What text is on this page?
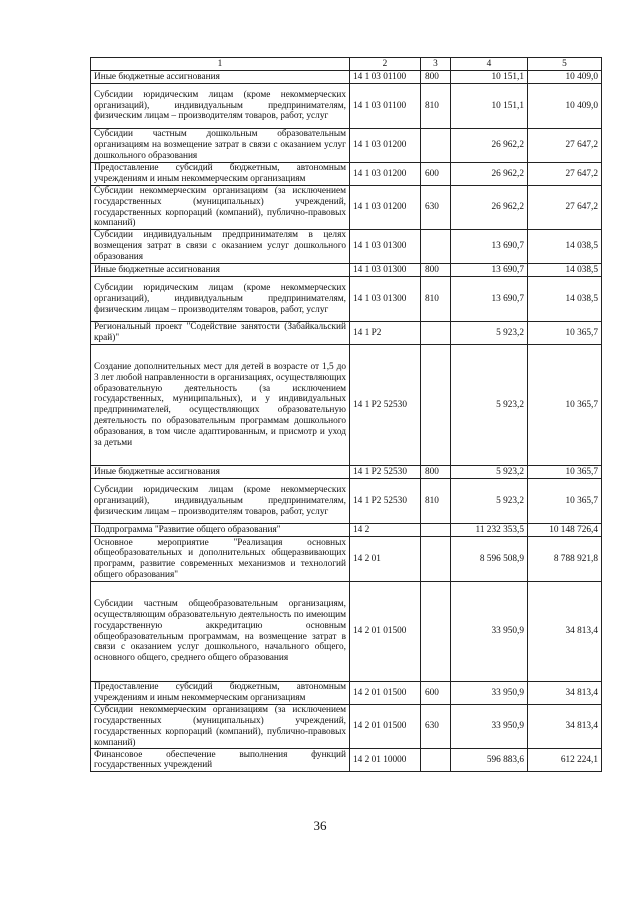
1	2	3	4	5
Иные бюджетные ассигнования	14 1 03 01100	800	10 151,1	10 409,0
Субсидии юридическим лицам (кроме некоммерческих организаций), индивидуальным предпринимателям, физическим лицам – производителям товаров, работ, услуг	14 1 03 01100	810	10 151,1	10 409,0
Субсидии частным дошкольным образовательным организациям на возмещение затрат в связи с оказанием услуг дошкольного образования	14 1 03 01200		26 962,2	27 647,2
Предоставление субсидий бюджетным, автономным учреждениям и иным некоммерческим организациям	14 1 03 01200	600	26 962,2	27 647,2
Субсидии некоммерческим организациям (за исключением государственных (муниципальных) учреждений, государственных корпораций (компаний), публично-правовых компаний)	14 1 03 01200	630	26 962,2	27 647,2
Субсидии индивидуальным предпринимателям в целях возмещения затрат в связи с оказанием услуг дошкольного образования	14 1 03 01300		13 690,7	14 038,5
Иные бюджетные ассигнования	14 1 03 01300	800	13 690,7	14 038,5
Субсидии юридическим лицам (кроме некоммерческих организаций), индивидуальным предпринимателям, физическим лицам – производителям товаров, работ, услуг	14 1 03 01300	810	13 690,7	14 038,5
Региональный проект "Содействие занятости (Забайкальский край)"	14 1 P2		5 923,2	10 365,7
Создание дополнительных мест для детей в возрасте от 1,5 до 3 лет любой направленности в организациях, осуществляющих образовательную деятельность (за исключением государственных, муниципальных), и у индивидуальных предпринимателей, осуществляющих образовательную деятельность по образовательным программам дошкольного образования, в том числе адаптированным, и присмотр и уход за детьми	14 1 P2 52530		5 923,2	10 365,7
Иные бюджетные ассигнования	14 1 P2 52530	800	5 923,2	10 365,7
Субсидии юридическим лицам (кроме некоммерческих организаций), индивидуальным предпринимателям, физическим лицам – производителям товаров, работ, услуг	14 1 P2 52530	810	5 923,2	10 365,7
Подпрограмма "Развитие общего образования"	14 2		11 232 353,5	10 148 726,4
Основное мероприятие "Реализация основных общеобразовательных и дополнительных общеразвивающих программ, развитие современных механизмов и технологий общего образования"	14 2 01		8 596 508,9	8 788 921,8
Субсидии частным общеобразовательным организациям, осуществляющим образовательную деятельность по имеющим государственную аккредитацию основным общеобразовательным программам, на возмещение затрат в связи с оказанием услуг дошкольного, начального общего, основного общего, среднего общего образования	14 2 01 01500		33 950,9	34 813,4
Предоставление субсидий бюджетным, автономным учреждениям и иным некоммерческим организациям	14 2 01 01500	600	33 950,9	34 813,4
Субсидии некоммерческим организациям (за исключением государственных (муниципальных) учреждений, государственных корпораций (компаний), публично-правовых компаний)	14 2 01 01500	630	33 950,9	34 813,4
Финансовое обеспечение выполнения функций государственных учреждений	14 2 01 10000		596 883,6	612 224,1
36
